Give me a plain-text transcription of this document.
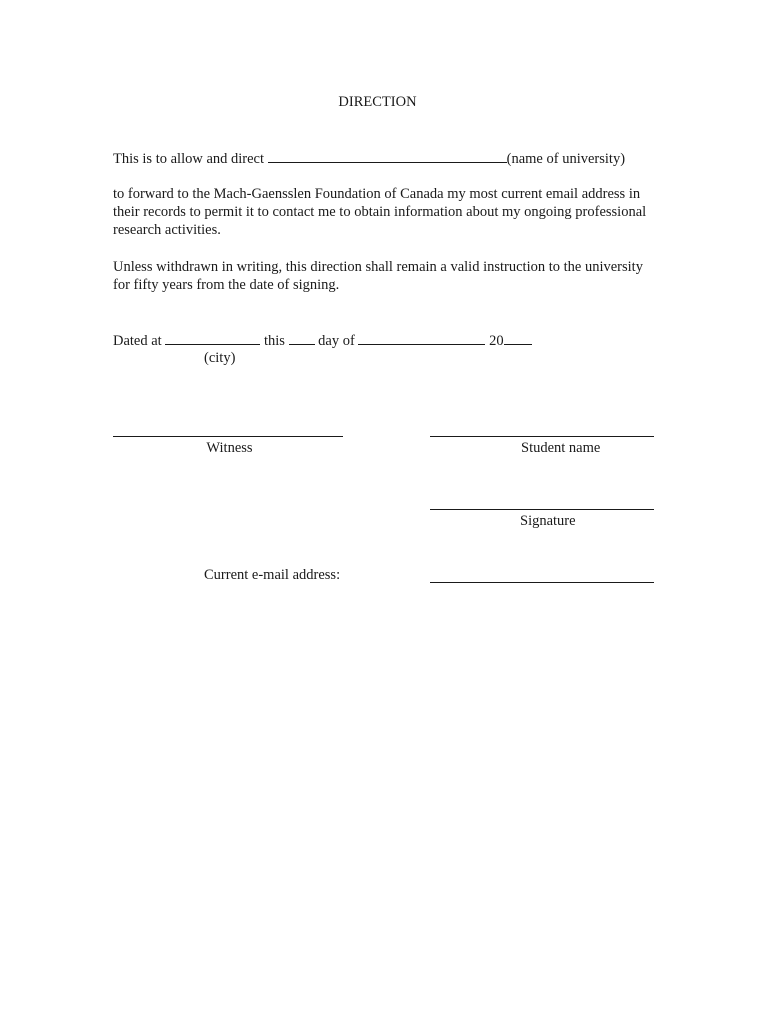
DIRECTION
This is to allow and direct	(name of university)
to forward to the Mach-Gaensslen Foundation of Canada my most current email address in their records to permit it to contact me to obtain information about my ongoing professional research activities.
Unless withdrawn in writing, this direction shall remain a valid instruction to the university for fifty years from the date of signing.
Dated at	this day of	20
(city)
Witness	Student name
Signature
Current e-mail address:
